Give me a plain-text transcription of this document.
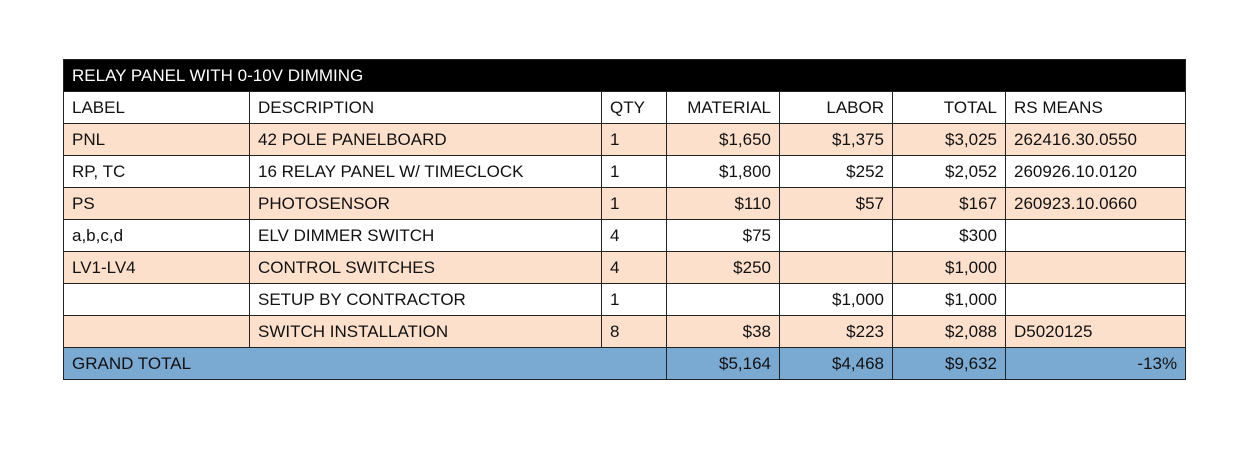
RELAY PANEL WITH 0-10V DIMMING						
LABEL	DESCRIPTION	QTY	MATERIAL	LABOR	TOTAL	RS MEANS
PNL	42 POLE PANELBOARD	1	$1,650	$1,375	$3,025	262416.30.0550
RP, TC	16 RELAY PANEL W/ TIMECLOCK	1	$1,800	$252	$2,052	260926.10.0120
PS	PHOTOSENSOR	1	$110	$57	$167	260923.10.0660
a,b,c,d	ELV DIMMER SWITCH	4	$75		$300	
LV1-LV4	CONTROL SWITCHES	4	$250		$1,000	
	SETUP BY CONTRACTOR	1		$1,000	$1,000	
	SWITCH INSTALLATION	8	$38	$223	$2,088	D5020125
GRAND TOTAL			$5,164	$4,468	$9,632	-13%
